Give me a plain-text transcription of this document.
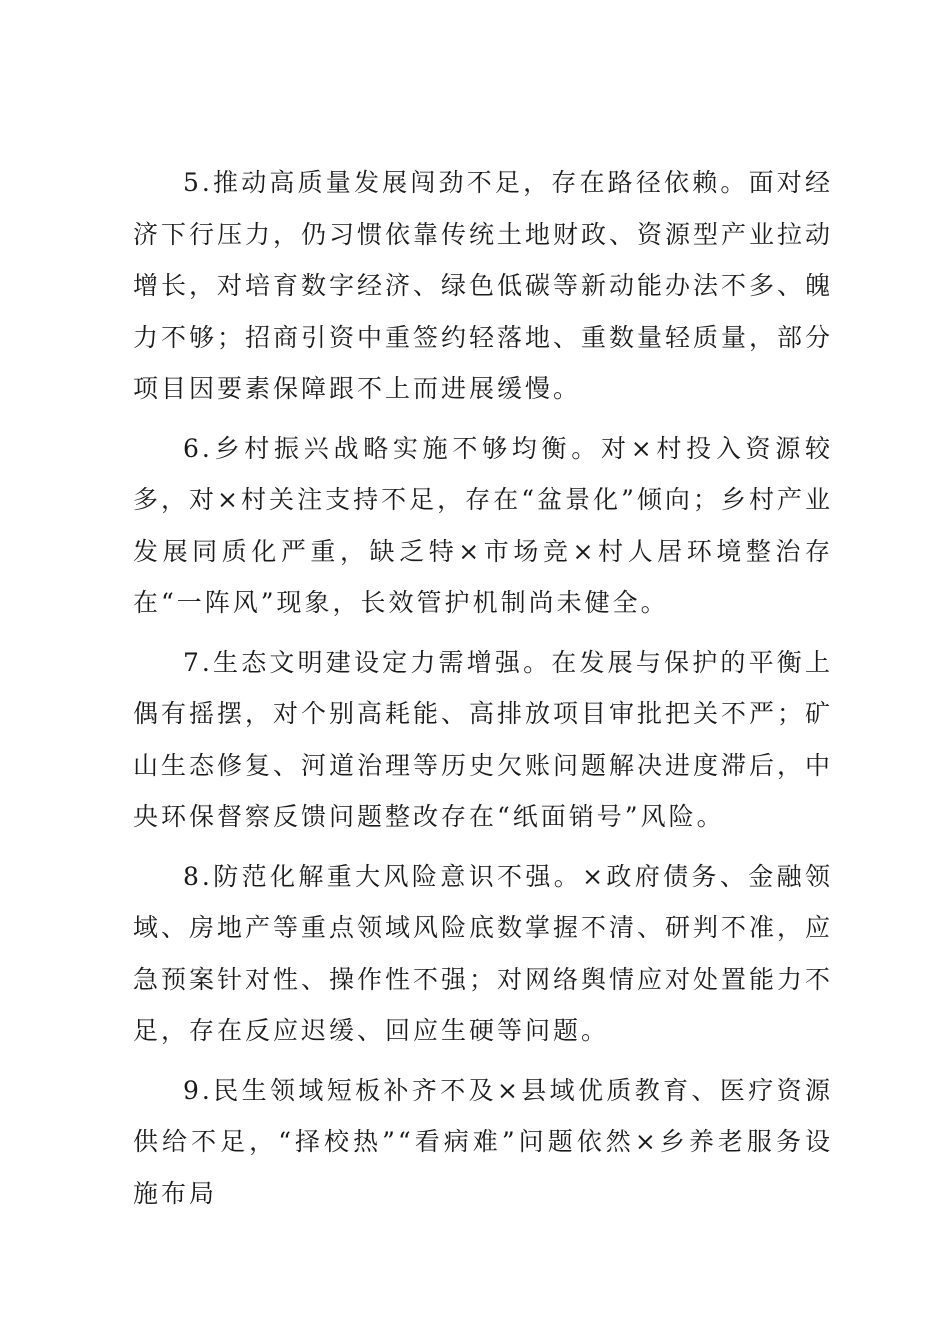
5.推动高质量发展闯劲不足，存在路径依赖。面对经济下行压力，仍习惯依靠传统土地财政、资源型产业拉动增长，对培育数字经济、绿色低碳等新动能办法不多、魄力不够；招商引资中重签约轻落地、重数量轻质量，部分项目因要素保障跟不上而进展缓慢。

6.乡村振兴战略实施不够均衡。对×村投入资源较多，对×村关注支持不足，存在“盆景化”倾向；乡村产业发展同质化严重，缺乏特×市场竞×村人居环境整治存在“一阵风”现象，长效管护机制尚未健全。

7.生态文明建设定力需增强。在发展与保护的平衡上偶有摇摆，对个别高耗能、高排放项目审批把关不严；矿山生态修复、河道治理等历史欠账问题解决进度滞后，中央环保督察反馈问题整改存在“纸面销号”风险。

8.防范化解重大风险意识不强。×政府债务、金融领域、房地产等重点领域风险底数掌握不清、研判不准，应急预案针对性、操作性不强；对网络舆情应对处置能力不足，存在反应迟缓、回应生硬等问题。

9.民生领域短板补齐不及×县域优质教育、医疗资源供给不足，“择校热”“看病难”问题依然×乡养老服务设施布局
